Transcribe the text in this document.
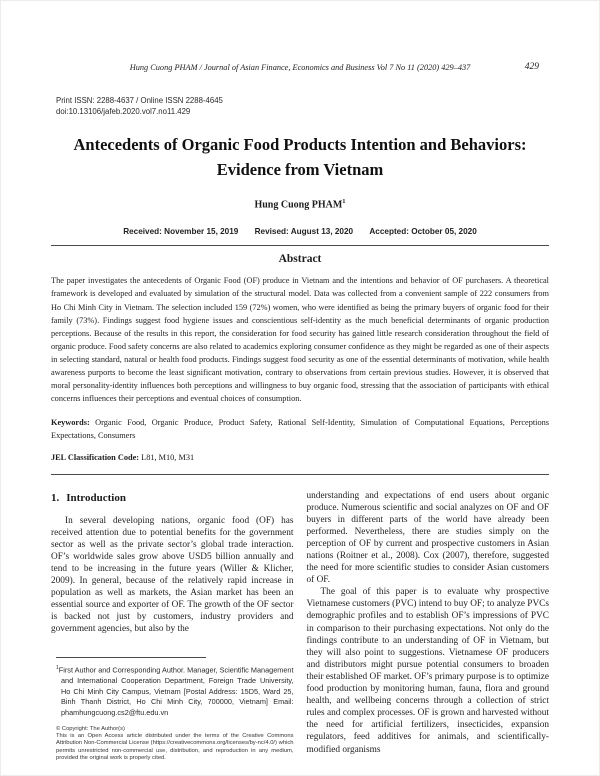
Hung Cuong PHAM / Journal of Asian Finance, Economics and Business Vol 7 No 11 (2020) 429–437	429
Print ISSN: 2288-4637 / Online ISSN 2288-4645
doi:10.13106/jafeb.2020.vol7.no11.429
Antecedents of Organic Food Products Intention and Behaviors:
Evidence from Vietnam
Hung Cuong PHAM$^1$
Received: November 15, 2019 Revised: August 13, 2020 Accepted: October 05, 2020
Abstract
The paper investigates the antecedents of Organic Food (OF) produce in Vietnam and the intentions and behavior of OF purchasers. A theoretical framework is developed and evaluated by simulation of the structural model. Data was collected from a convenient sample of 222 consumers from Ho Chi Minh City in Vietnam. The selection included 159 (72%) women, who were identified as being the primary buyers of organic food for their family (73%). Findings suggest food hygiene issues and conscientious self-identity as the much beneficial determinants of organic production perceptions. Because of the results in this report, the consideration for food security has gained little research consideration throughout the field of organic produce. Food safety concerns are also related to academics exploring consumer confidence as they might be regarded as one of their aspects in selecting standard, natural or health food products. Findings suggest food security as one of the essential determinants of motivation, while health awareness purports to become the least significant motivation, contrary to observations from certain previous studies. However, it is observed that moral personality-identity influences both perceptions and willingness to buy organic food, stressing that the association of participants with ethical concerns influences their perceptions and eventual choices of consumption.
Keywords: Organic Food, Organic Produce, Product Safety, Rational Self-Identity, Simulation of Computational Equations, Perceptions Expectations, Consumers
JEL Classification Code: L81, M10, M31
1. Introduction

In several developing nations, organic food (OF) has received attention due to potential benefits for the government sector as well as the private sector’s global trade interaction. OF’s worldwide sales grow above USD5 billion annually and tend to be increasing in the future years (Willer & Klicher, 2009). In general, because of the relatively rapid increase in population as well as markets, the Asian market has been an essential source and exporter of OF. The growth of the OF sector is backed not just by customers, industry providers and government agencies, but also by the

$^1$First Author and Corresponding Author. Manager, Scientific Management and International Cooperation Department, Foreign Trade University, Ho Chi Minh City Campus, Vietnam [Postal Address: 15D5, Ward 25, Binh Thanh District, Ho Chi Minh City, 700000, Vietnam] Email: phamhungcuong.cs2@ftu.edu.vn

© Copyright: The Author(s)
This is an Open Access article distributed under the terms of the Creative Commons Attribution Non-Commercial License (https://creativecommons.org/licenses/by-nc/4.0/) which permits unrestricted non-commercial use, distribution, and reproduction in any medium, provided the original work is properly cited.

understanding and expectations of end users about organic produce. Numerous scientific and social analyzes on OF and OF buyers in different parts of the world have already been performed. Nevertheless, there are studies simply on the perception of OF by current and prospective customers in Asian nations (Roitner et al., 2008). Cox (2007), therefore, suggested the need for more scientific studies to consider Asian customers of OF.

The goal of this paper is to evaluate why prospective Vietnamese customers (PVC) intend to buy OF; to analyze PVCs demographic profiles and to establish OF’s impressions of PVC in comparison to their purchasing expectations. Not only do the findings contribute to an understanding of OF in Vietnam, but they will also point to suggestions. Vietnamese OF producers and distributors might pursue potential consumers to broaden their established OF market. OF’s primary purpose is to optimize food production by monitoring human, fauna, flora and ground health, and wellbeing concerns through a collection of strict rules and complex processes. OF is grown and harvested without the need for artificial fertilizers, insecticides, expansion regulators, feed additives for animals, and scientifically-modified organisms
